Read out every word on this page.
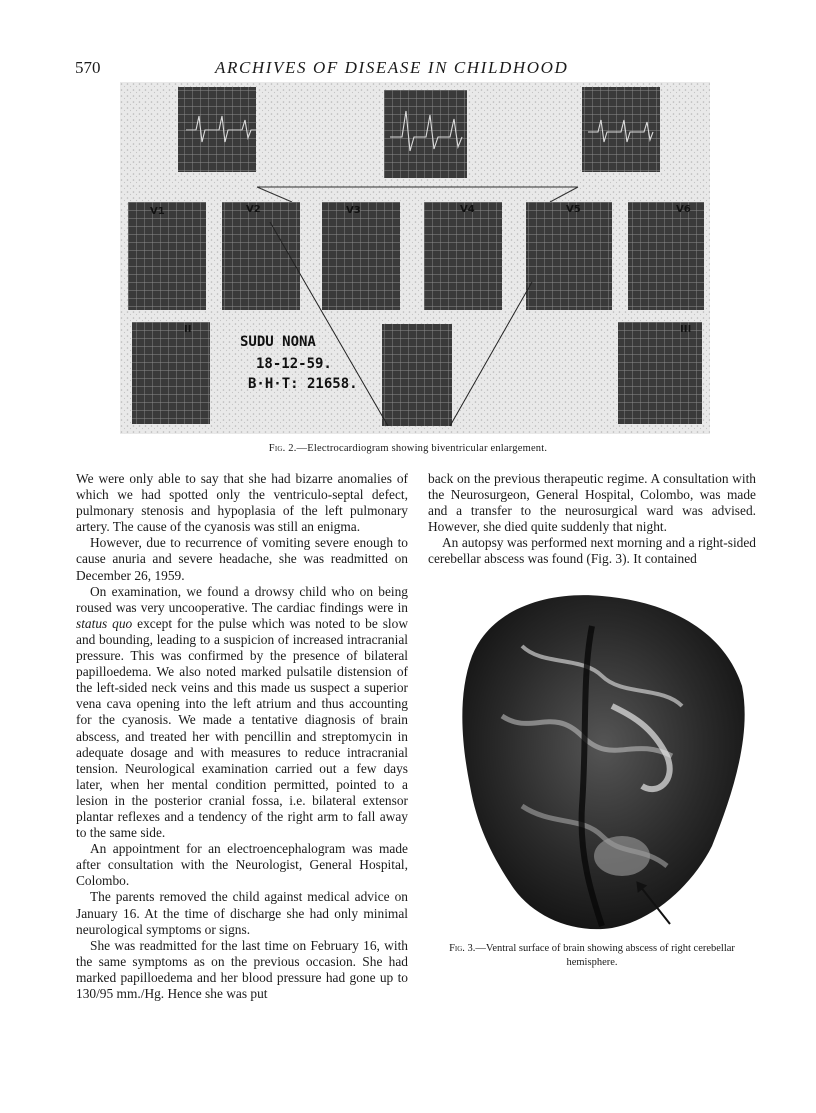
570	ARCHIVES OF DISEASE IN CHILDHOOD
V1	V2	V3	V4	V5	V6
II	III
SUDU NONA
18-12-59.
B·H·T: 21658.
Fig. 2.—Electrocardiogram showing biventricular enlargement.

We were only able to say that she had bizarre anomalies of which we had spotted only the ventriculo-septal defect, pulmonary stenosis and hypoplasia of the left pulmonary artery. The cause of the cyanosis was still an enigma.

However, due to recurrence of vomiting severe enough to cause anuria and severe headache, she was readmitted on December 26, 1959.

On examination, we found a drowsy child who on being roused was very uncooperative. The cardiac findings were in status quo except for the pulse which was noted to be slow and bounding, leading to a suspicion of increased intracranial pressure. This was confirmed by the presence of bilateral papilloedema. We also noted marked pulsatile distension of the left-sided neck veins and this made us suspect a superior vena cava opening into the left atrium and thus accounting for the cyanosis. We made a tentative diagnosis of brain abscess, and treated her with pencillin and streptomycin in adequate dosage and with measures to reduce intracranial tension. Neurological examination carried out a few days later, when her mental condition permitted, pointed to a lesion in the posterior cranial fossa, i.e. bilateral extensor plantar reflexes and a tendency of the right arm to fall away to the same side.

An appointment for an electroencephalogram was made after consultation with the Neurologist, General Hospital, Colombo.

The parents removed the child against medical advice on January 16. At the time of discharge she had only minimal neurological symptoms or signs.

She was readmitted for the last time on February 16, with the same symptoms as on the previous occasion. She had marked papilloedema and her blood pressure had gone up to 130/95 mm./Hg. Hence she was put

back on the previous therapeutic regime. A consultation with the Neurosurgeon, General Hospital, Colombo, was made and a transfer to the neurosurgical ward was advised. However, she died quite suddenly that night.

An autopsy was performed next morning and a right-sided cerebellar abscess was found (Fig. 3). It contained

Fig. 3.—Ventral surface of brain showing abscess of right cerebellar
hemisphere.
